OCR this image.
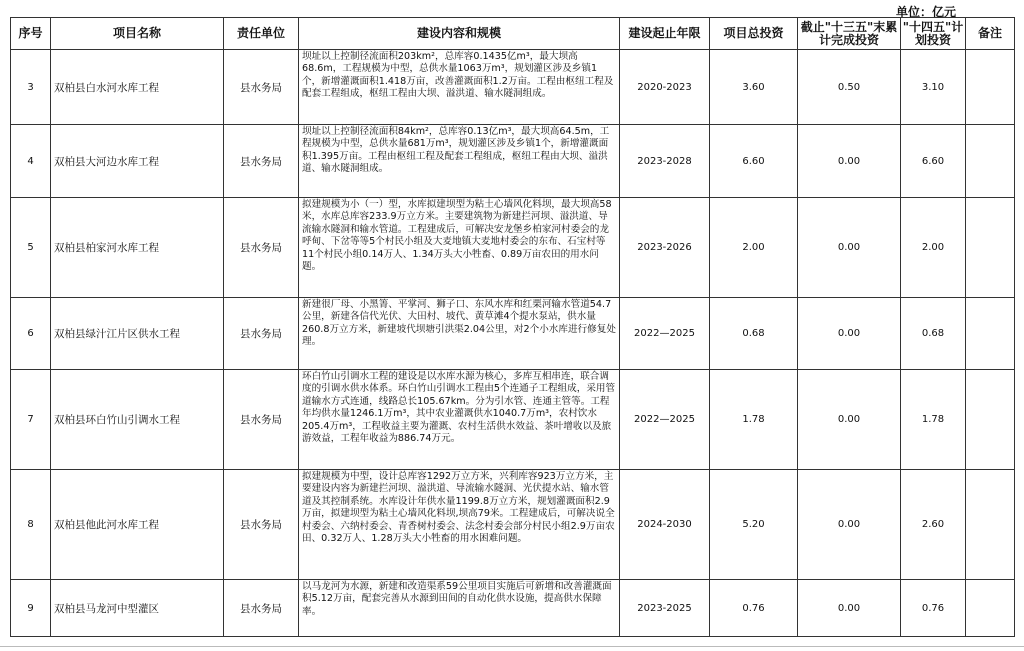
单位：亿元
序号	项目名称	责任单位	建设内容和规模	建设起止年限	项目总投资	截止"十三五"末累计完成投资	"十四五"计划投资	备注
3	双柏县白水河水库工程	县水务局	坝址以上控制径流面积203km²，总库容0.1435亿m³，最大坝高68.6m，工程规模为中型，总供水量1063万m³，规划灌区涉及乡镇1个，新增灌溉面积1.418万亩，改善灌溉面积1.2万亩。工程由枢纽工程及配套工程组成，枢纽工程由大坝、溢洪道、输水隧洞组成。	2020-2023	3.60	0.50	3.10	
4	双柏县大河边水库工程	县水务局	坝址以上控制径流面积84km²，总库容0.13亿m³，最大坝高64.5m，工程规模为中型，总供水量681万m³，规划灌区涉及乡镇1个，新增灌溉面积1.395万亩。工程由枢纽工程及配套工程组成，枢纽工程由大坝、溢洪道、输水隧洞组成。	2023-2028	6.60	0.00	6.60	
5	双柏县柏家河水库工程	县水务局	拟建规模为小（一）型，水库拟建坝型为粘土心墙风化料坝，最大坝高58米，水库总库容233.9万立方米。主要建筑物为新建拦河坝、溢洪道、导流输水隧洞和输水管道。工程建成后，可解决安龙堡乡柏家河村委会的龙呼甸、下岔等等5个村民小组及大麦地镇大麦地村委会的东布、石宝村等11个村民小组0.14万人、1.34万头大小牲畜、0.89万亩农田的用水问题。	2023-2026	2.00	0.00	2.00	
6	双柏县绿汁江片区供水工程	县水务局	新建很厂母、小黑箐、平掌河、狮子口、东风水库和红栗河输水管道54.7公里，新建各信代光伏、大田村、坡代、黄草滩4个提水泵站，供水量260.8万立方米，新建坡代坝塘引洪渠2.04公里，对2个小水库进行修复处理。	2022—2025	0.68	0.00	0.68	
7	双柏县环白竹山引调水工程	县水务局	环白竹山引调水工程的建设是以水库水源为核心，多库互相串连，联合调度的引调水供水体系。环白竹山引调水工程由5个连通子工程组成，采用管道输水方式连通，线路总长105.67km。分为引水管、连通主管等。工程年均供水量1246.1万m³，其中农业灌溉供水1040.7万m³，农村饮水205.4万m³，工程收益主要为灌溉、农村生活供水效益、茶叶增收以及旅游效益，工程年收益为886.74万元。	2022—2025	1.78	0.00	1.78	
8	双柏县他此河水库工程	县水务局	拟建规模为中型，设计总库容1292万立方米，兴利库容923万立方米，主要建设内容为新建拦河坝、溢洪道、导流输水隧洞、光伏提水站、输水管道及其控制系统。水库设计年供水量1199.8万立方米，规划灌溉面积2.9万亩，拟建坝型为粘土心墙风化料坝,坝高79米。工程建成后，可解决说全村委会、六纳村委会、青香树村委会、法念村委会部分村民小组2.9万亩农田、0.32万人、1.28万头大小牲畜的用水困难问题。	2024-2030	5.20	0.00	2.60	
9	双柏县马龙河中型灌区	县水务局	以马龙河为水源，新建和改造渠系59公里项目实施后可新增和改善灌溉面积5.12万亩，配套完善从水源到田间的自动化供水设施，提高供水保障率。	2023-2025	0.76	0.00	0.76	
